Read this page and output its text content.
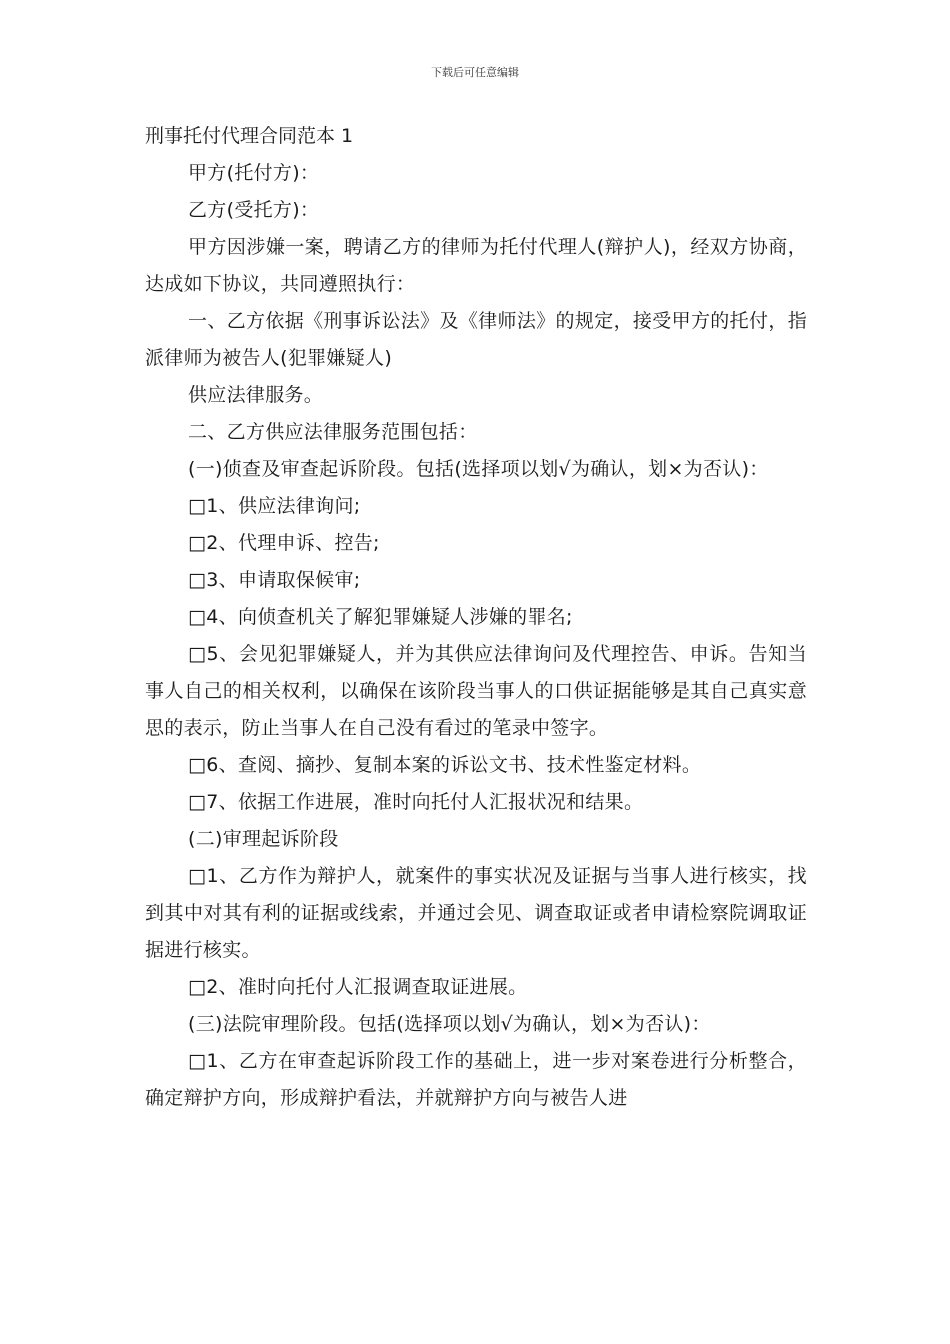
下载后可任意编辑

刑事托付代理合同范本 1

甲方(托付方)：

乙方(受托方)：

甲方因涉嫌一案，聘请乙方的律师为托付代理人(辩护人)，经双方协商，达成如下协议，共同遵照执行：

一、乙方依据《刑事诉讼法》及《律师法》的规定，接受甲方的托付，指派律师为被告人(犯罪嫌疑人)

供应法律服务。

二、乙方供应法律服务范围包括：

(一)侦查及审查起诉阶段。包括(选择项以划√为确认，划×为否认)：

□1、供应法律询问;

□2、代理申诉、控告;

□3、申请取保候审;

□4、向侦查机关了解犯罪嫌疑人涉嫌的罪名;

□5、会见犯罪嫌疑人，并为其供应法律询问及代理控告、申诉。告知当事人自己的相关权利，以确保在该阶段当事人的口供证据能够是其自己真实意思的表示，防止当事人在自己没有看过的笔录中签字。

□6、查阅、摘抄、复制本案的诉讼文书、技术性鉴定材料。

□7、依据工作进展，准时向托付人汇报状况和结果。

(二)审理起诉阶段

□1、乙方作为辩护人，就案件的事实状况及证据与当事人进行核实，找到其中对其有利的证据或线索，并通过会见、调查取证或者申请检察院调取证据进行核实。

□2、准时向托付人汇报调查取证进展。

(三)法院审理阶段。包括(选择项以划√为确认，划×为否认)：

□1、乙方在审查起诉阶段工作的基础上，进一步对案卷进行分析整合，确定辩护方向，形成辩护看法，并就辩护方向与被告人进
